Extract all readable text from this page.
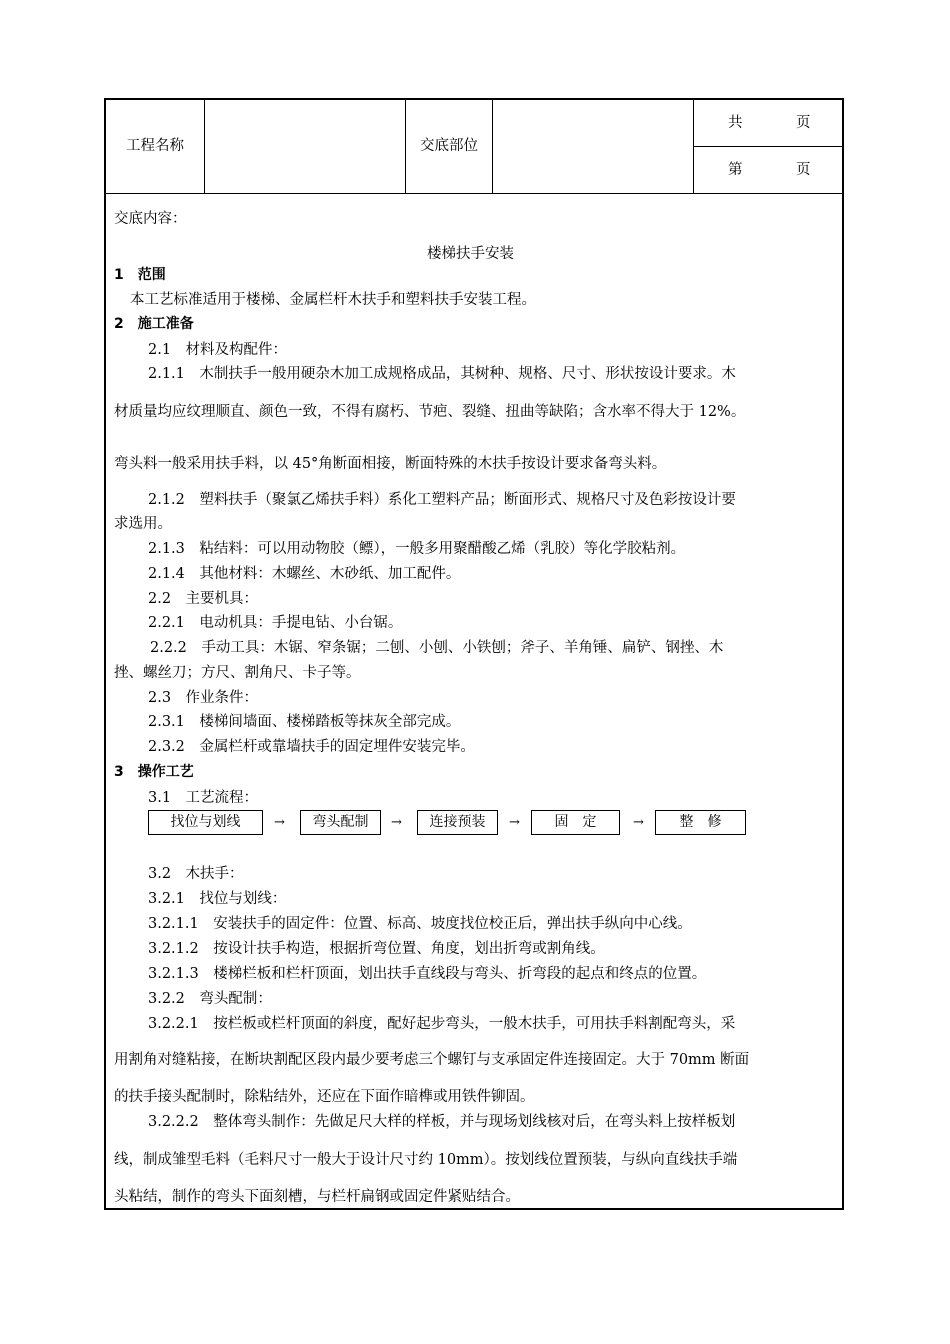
工程名称	交底部位
共	页
第	页
交底内容：
楼梯扶手安装
1　范围
本工艺标准适用于楼梯、金属栏杆木扶手和塑料扶手安装工程。
2　施工准备
2.1　材料及构配件：
2.1.1　木制扶手一般用硬杂木加工成规格成品，其树种、规格、尺寸、形状按设计要求。木
材质量均应纹理顺直、颜色一致，不得有腐朽、节疤、裂缝、扭曲等缺陷；含水率不得大于 12%。
弯头料一般采用扶手料，以 45°角断面相接，断面特殊的木扶手按设计要求备弯头料。
2.1.2　塑料扶手（聚氯乙烯扶手料）系化工塑料产品；断面形式、规格尺寸及色彩按设计要
求选用。
2.1.3　粘结料：可以用动物胶（鳔），一般多用聚醋酸乙烯（乳胶）等化学胶粘剂。
2.1.4　其他材料：木螺丝、木砂纸、加工配件。
2.2　主要机具：
2.2.1　电动机具：手提电钻、小台锯。
2.2.2　手动工具：木锯、窄条锯；二刨、小刨、小铁刨；斧子、羊角锤、扁铲、钢挫、木
挫、螺丝刀；方尺、割角尺、卡子等。
2.3　作业条件：
2.3.1　楼梯间墙面、楼梯踏板等抹灰全部完成。
2.3.2　金属栏杆或靠墙扶手的固定埋件安装完毕。
3　操作工艺
3.1　工艺流程：
找位与划线	→	弯头配制	→	连接预装	→	固　定	→	整　修
3.2　木扶手：
3.2.1　找位与划线：
3.2.1.1　安装扶手的固定件：位置、标高、坡度找位校正后，弹出扶手纵向中心线。
3.2.1.2　按设计扶手构造，根据折弯位置、角度，划出折弯或割角线。
3.2.1.3　楼梯栏板和栏杆顶面，划出扶手直线段与弯头、折弯段的起点和终点的位置。
3.2.2　弯头配制：
3.2.2.1　按栏板或栏杆顶面的斜度，配好起步弯头，一般木扶手，可用扶手料割配弯头，采
用割角对缝粘接，在断块割配区段内最少要考虑三个螺钉与支承固定件连接固定。大于 70mm 断面
的扶手接头配制时，除粘结外，还应在下面作暗榫或用铁件铆固。
3.2.2.2　整体弯头制作：先做足尺大样的样板，并与现场划线核对后，在弯头料上按样板划
线，制成雏型毛料（毛料尺寸一般大于设计尺寸约 10mm）。按划线位置预装，与纵向直线扶手端
头粘结，制作的弯头下面刻槽，与栏杆扁钢或固定件紧贴结合。
